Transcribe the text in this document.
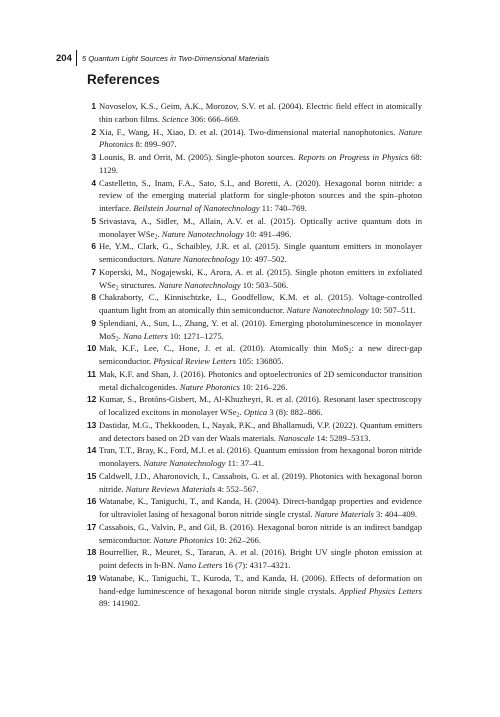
204	5 Quantum Light Sources in Two-Dimensional Materials
References
1 Novoselov, K.S., Geim, A.K., Morozov, S.V. et al. (2004). Electric field effect in atomically thin carbon films. Science 306: 666–669.
2 Xia, F., Wang, H., Xiao, D. et al. (2014). Two-dimensional material nanophotonics. Nature Photonics 8: 899–907.
3 Lounis, B. and Orrit, M. (2005). Single-photon sources. Reports on Progress in Physics 68: 1129.
4 Castelletto, S., Inam, F.A., Sato, S.I., and Boretti, A. (2020). Hexagonal boron nitride: a review of the emerging material platform for single-photon sources and the spin–photon interface. Beilstein Journal of Nanotechnology 11: 740–769.
5 Srivastava, A., Sidler, M., Allain, A.V. et al. (2015). Optically active quantum dots in monolayer WSe$_2$. Nature Nanotechnology 10: 491–496.
6 He, Y.M., Clark, G., Schaibley, J.R. et al. (2015). Single quantum emitters in monolayer semiconductors. Nature Nanotechnology 10: 497–502.
7 Koperski, M., Nogajewski, K., Arora, A. et al. (2015). Single photon emitters in exfoliated WSe$_2$ structures. Nature Nanotechnology 10: 503–506.
8 Chakraborty, C., Kinnischtzke, L., Goodfellow, K.M. et al. (2015). Voltage-controlled quantum light from an atomically thin semiconductor. Nature Nanotechnology 10: 507–511.
9 Splendiani, A., Sun, L., Zhang, Y. et al. (2010). Emerging photoluminescence in monolayer MoS$_2$. Nano Letters 10: 1271–1275.
10 Mak, K.F., Lee, C., Hone, J. et al. (2010). Atomically thin MoS$_2$: a new direct-gap semiconductor. Physical Review Letters 105: 136805.
11 Mak, K.F. and Shan, J. (2016). Photonics and optoelectronics of 2D semiconductor transition metal dichalcogenides. Nature Photonics 10: 216–226.
12 Kumar, S., Brotóns-Gisbert, M., Al-Khuzheyri, R. et al. (2016). Resonant laser spectroscopy of localized excitons in monolayer WSe$_2$. Optica 3 (8): 882–886.
13 Dastidar, M.G., Thekkooden, I., Nayak, P.K., and Bhallamudi, V.P. (2022). Quantum emitters and detectors based on 2D van der Waals materials. Nanoscale 14: 5289–5313.
14 Tran, T.T., Bray, K., Ford, M.J. et al. (2016). Quantum emission from hexagonal boron nitride monolayers. Nature Nanotechnology 11: 37–41.
15 Caldwell, J.D., Aharonovich, I., Cassabois, G. et al. (2019). Photonics with hexagonal boron nitride. Nature Reviews Materials 4: 552–567.
16 Watanabe, K., Taniguchi, T., and Kanda, H. (2004). Direct-bandgap properties and evidence for ultraviolet lasing of hexagonal boron nitride single crystal. Nature Materials 3: 404–409.
17 Cassabois, G., Valvin, P., and Gil, B. (2016). Hexagonal boron nitride is an indirect bandgap semiconductor. Nature Photonics 10: 262–266.
18 Bourrellier, R., Meuret, S., Tararan, A. et al. (2016). Bright UV single photon emission at point defects in h-BN. Nano Letters 16 (7): 4317–4321.
19 Watanabe, K., Taniguchi, T., Kuroda, T., and Kanda, H. (2006). Effects of deformation on band-edge luminescence of hexagonal boron nitride single crystals. Applied Physics Letters 89: 141902.
